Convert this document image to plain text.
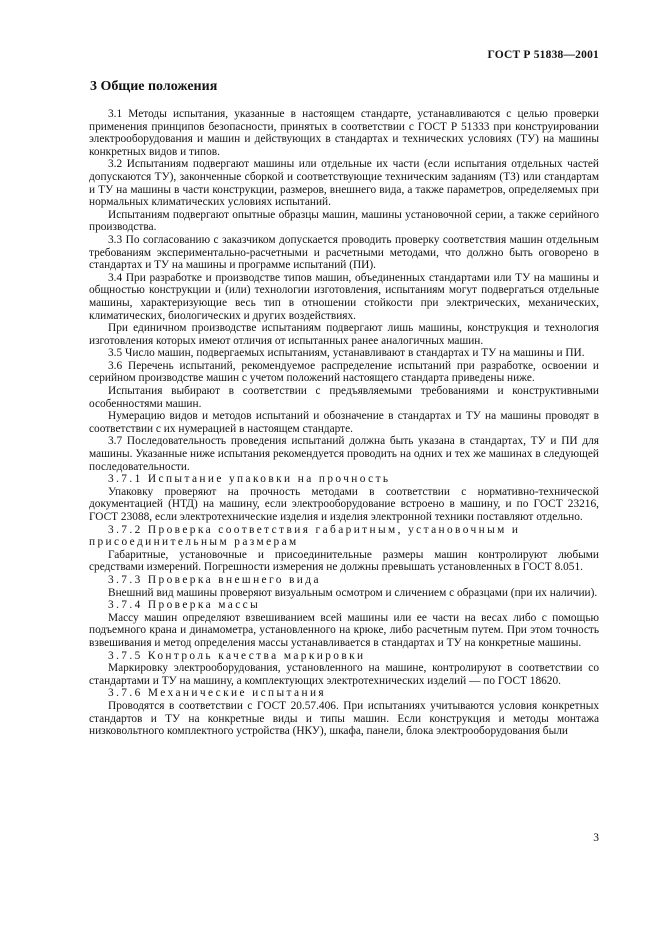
ГОСТ Р 51838—2001
3 Общие положения

3.1 Методы испытания, указанные в настоящем стандарте, устанавливаются с целью проверки применения принципов безопасности, принятых в соответствии с ГОСТ Р 51333 при конструировании электрооборудования и машин и действующих в стандартах и технических условиях (ТУ) на машины конкретных видов и типов.

3.2 Испытаниям подвергают машины или отдельные их части (если испытания отдельных частей допускаются ТУ), законченные сборкой и соответствующие техническим заданиям (ТЗ) или стандартам и ТУ на машины в части конструкции, размеров, внешнего вида, а также параметров, определяемых при нормальных климатических условиях испытаний.

Испытаниям подвергают опытные образцы машин, машины установочной серии, а также серийного производства.

3.3 По согласованию с заказчиком допускается проводить проверку соответствия машин отдельным требованиям экспериментально-расчетными и расчетными методами, что должно быть оговорено в стандартах и ТУ на машины и программе испытаний (ПИ).

3.4 При разработке и производстве типов машин, объединенных стандартами или ТУ на машины и общностью конструкции и (или) технологии изготовления, испытаниям могут подвергаться отдельные машины, характеризующие весь тип в отношении стойкости при электрических, механических, климатических, биологических и других воздействиях.

При единичном производстве испытаниям подвергают лишь машины, конструкция и технология изготовления которых имеют отличия от испытанных ранее аналогичных машин.

3.5 Число машин, подвергаемых испытаниям, устанавливают в стандартах и ТУ на машины и ПИ.

3.6 Перечень испытаний, рекомендуемое распределение испытаний при разработке, освоении и серийном производстве машин с учетом положений настоящего стандарта приведены ниже.

Испытания выбирают в соответствии с предъявляемыми требованиями и конструктивными особенностями машин.

Нумерацию видов и методов испытаний и обозначение в стандартах и ТУ на машины проводят в соответствии с их нумерацией в настоящем стандарте.

3.7 Последовательность проведения испытаний должна быть указана в стандартах, ТУ и ПИ для машины. Указанные ниже испытания рекомендуется проводить на одних и тех же машинах в следующей последовательности.

3.7.1 Испытание упаковки на прочность

Упаковку проверяют на прочность методами в соответствии с нормативно-технической документацией (НТД) на машину, если электрооборудование встроено в машину, и по ГОСТ 23216, ГОСТ 23088, если электротехнические изделия и изделия электронной техники поставляют отдельно.

3.7.2 Проверка соответствия габаритным, установочным и присоединительным размерам

Габаритные, установочные и присоединительные размеры машин контролируют любыми средствами измерений. Погрешности измерения не должны превышать установленных в ГОСТ 8.051.

3.7.3 Проверка внешнего вида

Внешний вид машины проверяют визуальным осмотром и сличением с образцами (при их наличии).

3.7.4 Проверка массы

Массу машин определяют взвешиванием всей машины или ее части на весах либо с помощью подъемного крана и динамометра, установленного на крюке, либо расчетным путем. При этом точность взвешивания и метод определения массы устанавливается в стандартах и ТУ на конкретные машины.

3.7.5 Контроль качества маркировки

Маркировку электрооборудования, установленного на машине, контролируют в соответствии со стандартами и ТУ на машину, а комплектующих электротехнических изделий — по ГОСТ 18620.

3.7.6 Механические испытания

Проводятся в соответствии с ГОСТ 20.57.406. При испытаниях учитываются условия конкретных стандартов и ТУ на конкретные виды и типы машин. Если конструкция и методы монтажа низковольтного комплектного устройства (НКУ), шкафа, панели, блока электрооборудования были

3
